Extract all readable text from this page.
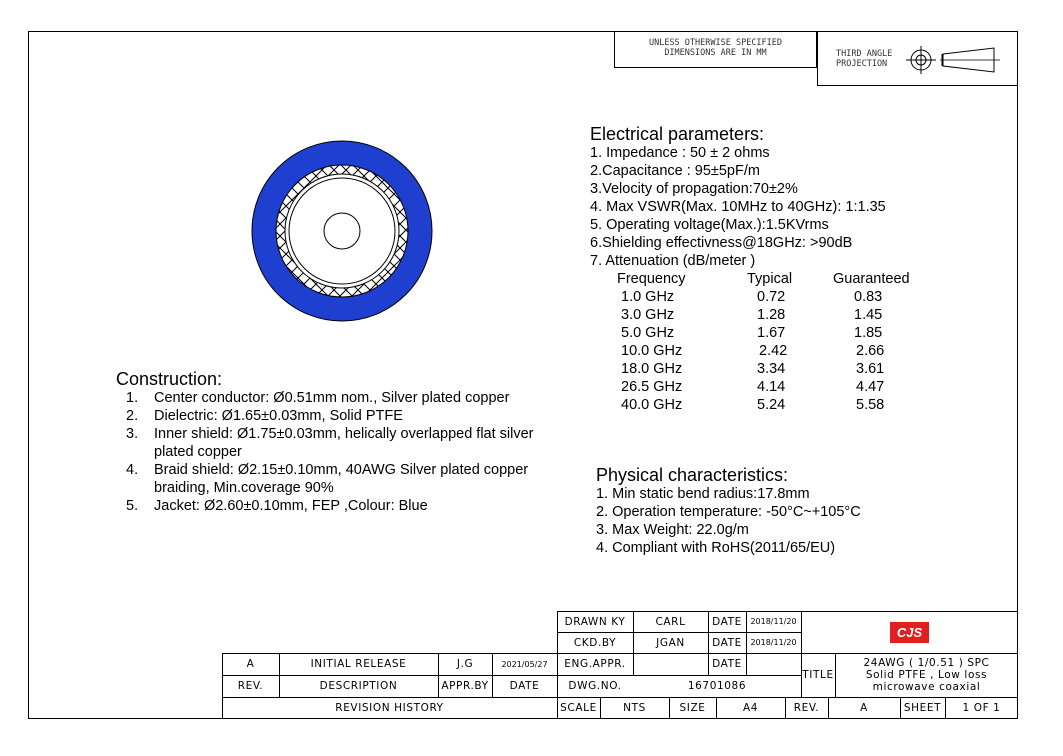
UNLESS OTHERWISE SPECIFIED
DIMENSIONS ARE IN MM	THIRD ANGLE
PROJECTION
Construction:
1.	Center conductor: Ø0.51mm nom., Silver plated copper
2.	Dielectric: Ø1.65±0.03mm, Solid PTFE
3.	Inner shield: Ø1.75±0.03mm, helically overlapped flat silver
plated copper
4.	Braid shield: Ø2.15±0.10mm, 40AWG Silver plated copper
braiding, Min.coverage 90%
5.	Jacket: Ø2.60±0.10mm, FEP ,Colour: Blue
Electrical parameters:
1. Impedance : 50 ± 2 ohms
2.Capacitance : 95±5pF/m
3.Velocity of propagation:70±2%
4. Max VSWR(Max. 10MHz to 40GHz): 1:1.35
5. Operating voltage(Max.):1.5KVrms
6.Shielding effectivness@18GHz: >90dB
7. Attenuation (dB/meter )
Frequency	Typical	Guaranteed
1.0 GHz	0.72	0.83
3.0 GHz	1.28	1.45
5.0 GHz	1.67	1.85
10.0 GHz	2.42	2.66
18.0 GHz	3.34	3.61
26.5 GHz	4.14	4.47
40.0 GHz	5.24	5.58
Physical characteristics:
1. Min static bend radius:17.8mm
2. Operation temperature: -50°C~+105°C
3. Max Weight: 22.0g/m
4. Compliant with RoHS(2011/65/EU)
DRAWN KY	CARL	DATE	2018/11/20
CKD.BY	JGAN	DATE	2018/11/20
CJS
A	INITIAL RELEASE	J.G	2021/05/27	ENG.APPR.	DATE
TITLE
24AWG ( 1/0.51 ) SPC
Solid PTFE , Low loss
microwave coaxial
REV.	DESCRIPTION	APPR.BY	DATE	DWG.NO.	16701086
REVISION HISTORY	SCALE	NTS	SIZE	A4	REV.	A	SHEET	1 OF 1
